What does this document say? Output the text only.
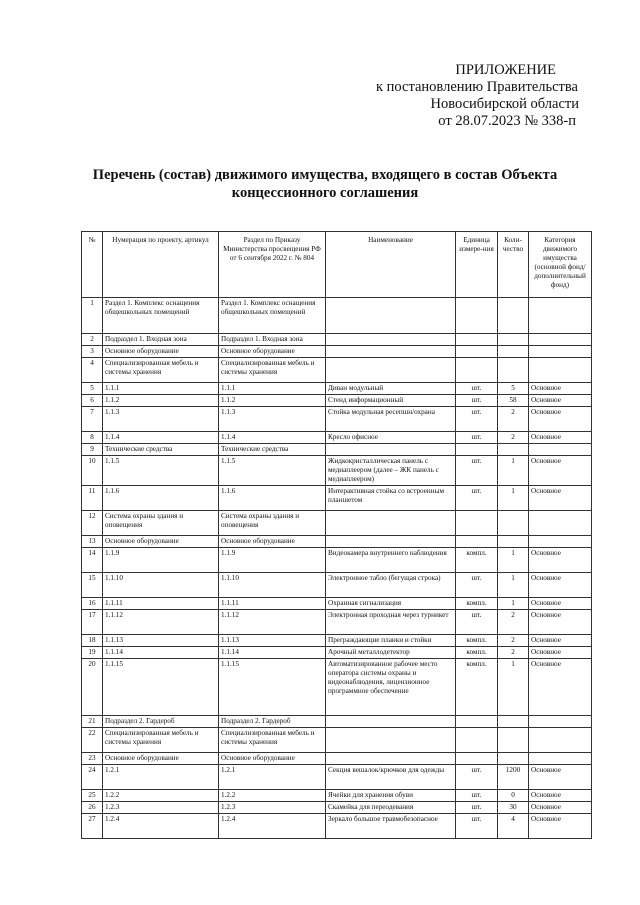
ПРИЛОЖЕНИЕ
к постановлению Правительства
Новосибирской области
от 28.07.2023 № 338-п
Перечень (состав) движимого имущества, входящего в состав Объекта
концессионного соглашения
№	Нумерация по проекту, артикул	Раздел по Приказу Министерства просвещения РФ от 6 сентября 2022 г. № 804	Наименование	Единица измере-ния	Коли-чество	Категория движимого имущества (основной фонд/ дополнительный фонд)
1	Раздел 1. Комплекс оснащения общешкольных помещений	Раздел 1. Комплекс оснащения общешкольных помещений				
2	Подраздел 1. Входная зона	Подраздел 1. Входная зона				
3	Основное оборудование	Основное оборудование				
4	Специализированная мебель и системы хранения	Специализированная мебель и системы хранения				
5	1.1.1	1.1.1	Диван модульный	шт.	5	Основное
6	1.1.2	1.1.2	Стенд информационный	шт.	58	Основное
7	1.1.3	1.1.3	Стойка модульная ресепшн/охрана	шт.	2	Основное
8	1.1.4	1.1.4	Кресло офисное	шт.	2	Основное
9	Технические средства	Технические средства				
10	1.1.5	1.1.5	Жидкокристаллическая панель с медиаплеером (далее – ЖК панель с медиаплеером)	шт.	1	Основное
11	1.1.6	1.1.6	Интерактивная стойка со встроенным планшетом	шт.	1	Основное
12	Система охраны здания и оповещения	Система охраны здания и оповещения				
13	Основное оборудование	Основное оборудование				
14	1.1.9	1.1.9	Видеокамера внутреннего наблюдения	компл.	1	Основное
15	1.1.10	1.1.10	Электронное табло (бегущая строка)	шт.	1	Основное
16	1.1.11	1.1.11	Охранная сигнализация	компл.	1	Основное
17	1.1.12	1.1.12	Электронная проходная через турникет	шт.	2	Основное
18	1.1.13	1.1.13	Преграждающие планки и стойки	компл.	2	Основное
19	1.1.14	1.1.14	Арочный металлодетектор	компл.	2	Основное
20	1.1.15	1.1.15	Автоматизированное рабочее место оператора системы охраны и видеонаблюдения, лицензионное программное обеспечение	компл.	1	Основное
21	Подраздел 2. Гардероб	Подраздел 2. Гардероб				
22	Специализированная мебель и системы хранения	Специализированная мебель и системы хранения				
23	Основное оборудование	Основное оборудование				
24	1.2.1	1.2.1	Секция вешалок/крючков для одежды	шт.	1200	Основное
25	1.2.2	1.2.2	Ячейки для хранения обуви	шт.	0	Основное
26	1.2.3	1.2.3	Скамейка для переодевания	шт.	30	Основное
27	1.2.4	1.2.4	Зеркало большое травмобезопасное	шт.	4	Основное
